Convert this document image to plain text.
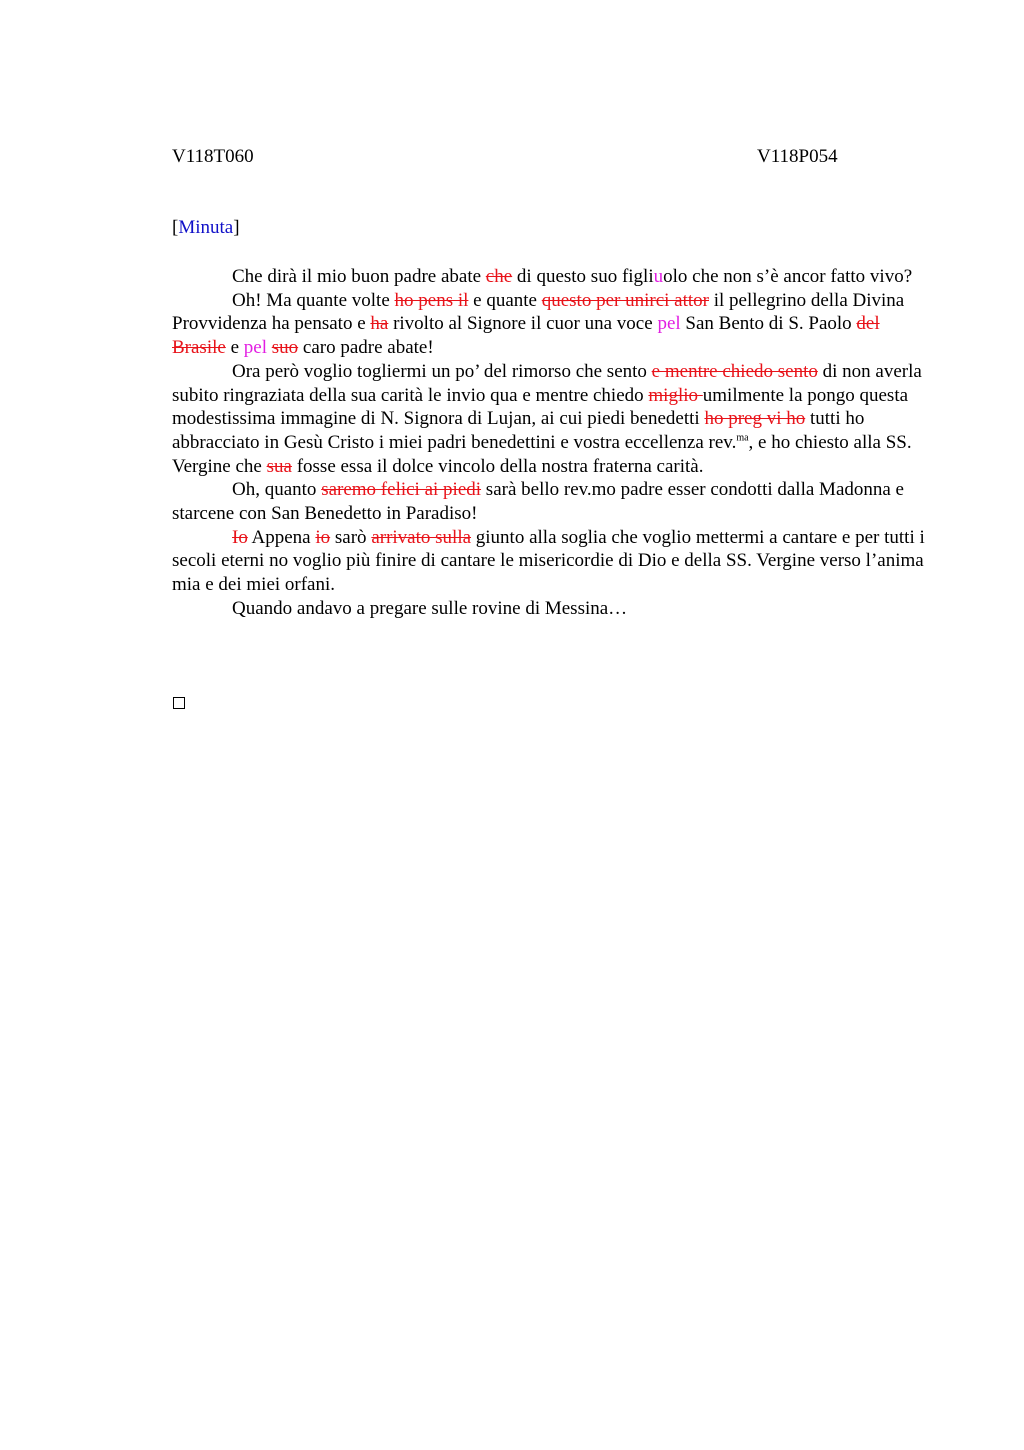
V118T060	V118P054
[Minuta]

Che dirà il mio buon padre abate che di questo suo figliuolo che non s’è ancor fatto vivo?

Oh! Ma quante volte ho pens il e quante questo per unirci attor il pellegrino della Divina Provvidenza ha pensato e ha rivolto al Signore il cuor una voce pel San Bento di S. Paolo del Brasile e pel suo caro padre abate!

Ora però voglio togliermi un po’ del rimorso che sento e mentre chiedo sento di non averla subito ringraziata della sua carità le invio qua e mentre chiedo miglio umilmente la pongo questa modestissima immagine di N. Signora di Lujan, ai cui piedi benedetti ho preg vi ho tutti ho abbracciato in Gesù Cristo i miei padri benedettini e vostra eccellenza rev.$^{ma}$, e ho chiesto alla SS. Vergine che sua fosse essa il dolce vincolo della nostra fraterna carità.

Oh, quanto saremo felici ai piedi sarà bello rev.mo padre esser condotti dalla Madonna e starcene con San Benedetto in Paradiso!

Io Appena io sarò arrivato sulla giunto alla soglia che voglio mettermi a cantare e per tutti i secoli eterni no voglio più finire di cantare le misericordie di Dio e della SS. Vergine verso l’anima mia e dei miei orfani.

Quando andavo a pregare sulle rovine di Messina…
